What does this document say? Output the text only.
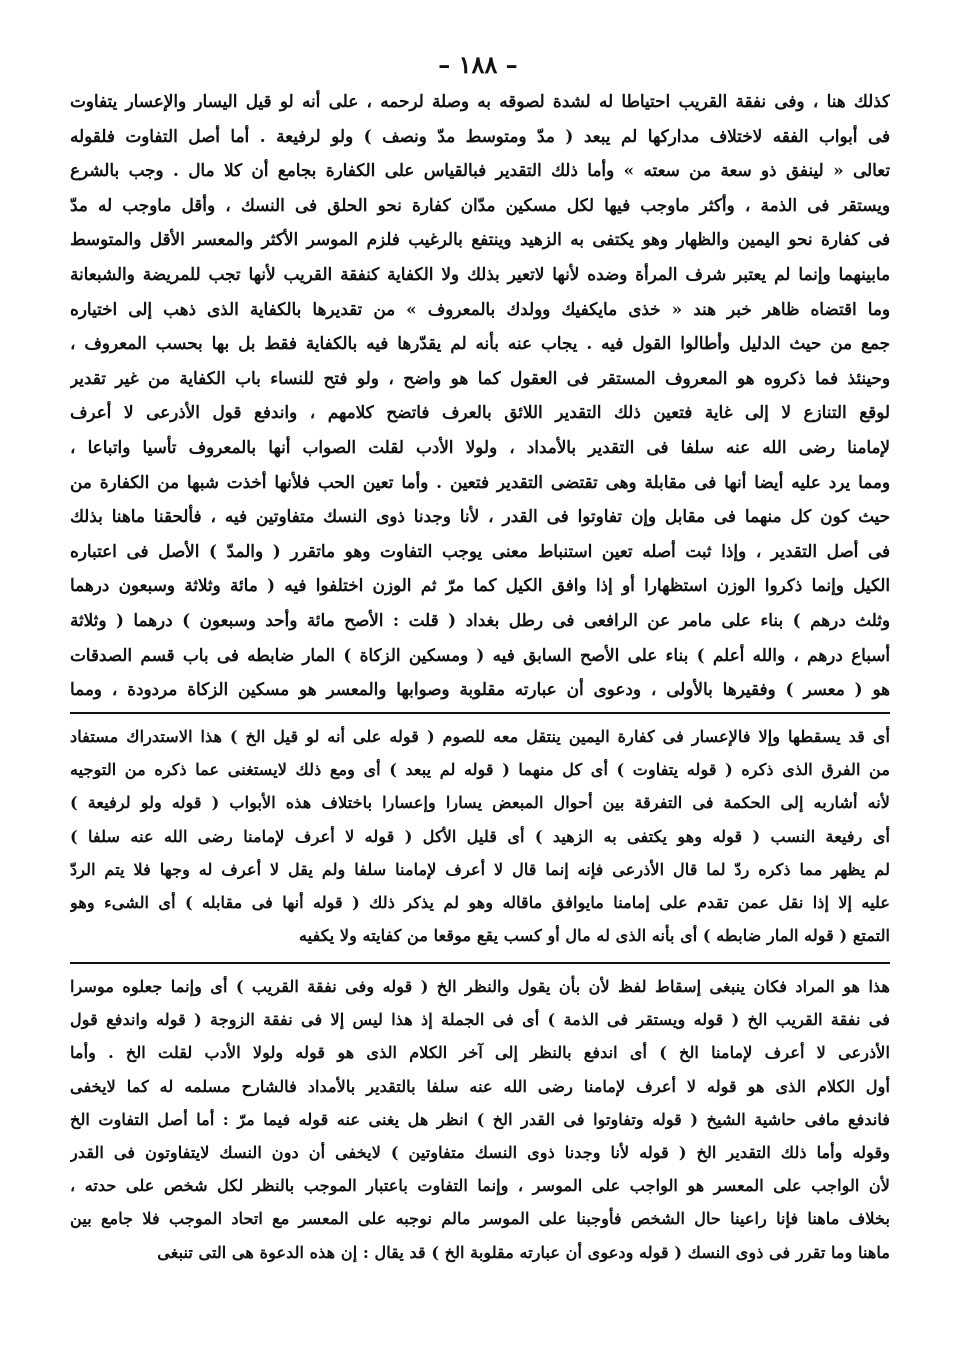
– ١٨٨ –
كذلك هنا ، وفى نفقة القريب احتياطا له لشدة لصوقه به وصلة لرحمه ، على أنه لو قيل اليسار والإعسار يتفاوت
فى أبواب الفقه لاختلاف مداركها لم يبعد ( مدّ ومتوسط مدّ ونصف ) ولو لرفيعة . أما أصل التفاوت فلقوله
تعالى « لينفق ذو سعة من سعته » وأما ذلك التقدير فبالقياس على الكفارة بجامع أن كلا مال . وجب بالشرع
ويستقر فى الذمة ، وأكثر ماوجب فيها لكل مسكين مدّان كفارة نحو الحلق فى النسك ، وأقل ماوجب له مدّ
فى كفارة نحو اليمين والظهار وهو يكتفى به الزهيد وينتفع بالرغيب فلزم الموسر الأكثر والمعسر الأقل والمتوسط
مابينهما وإنما لم يعتبر شرف المرأة وضده لأنها لاتعير بذلك ولا الكفاية كنفقة القريب لأنها تجب للمريضة والشبعانة
وما اقتضاه ظاهر خبر هند « خذى مايكفيك وولدك بالمعروف » من تقديرها بالكفاية الذى ذهب إلى اختياره
جمع من حيث الدليل وأطالوا القول فيه . يجاب عنه بأنه لم يقدّرها فيه بالكفاية فقط بل بها بحسب المعروف ،
وحينئذ فما ذكروه هو المعروف المستقر فى العقول كما هو واضح ، ولو فتح للنساء باب الكفاية من غير تقدير
لوقع التنازع لا إلى غاية فتعين ذلك التقدير اللائق بالعرف فاتضح كلامهم ، واندفع قول الأذرعى لا أعرف
لإمامنا رضى الله عنه سلفا فى التقدير بالأمداد ، ولولا الأدب لقلت الصواب أنها بالمعروف تأسيا واتباعا ،
ومما يرد عليه أيضا أنها فى مقابلة وهى تقتضى التقدير فتعين . وأما تعين الحب فلأنها أخذت شبها من الكفارة من
حيث كون كل منهما فى مقابل وإن تفاوتوا فى القدر ، لأنا وجدنا ذوى النسك متفاوتين فيه ، فألحقنا ماهنا بذلك
فى أصل التقدير ، وإذا ثبت أصله تعين استنباط معنى يوجب التفاوت وهو ماتقرر ( والمدّ ) الأصل فى اعتباره
الكيل وإنما ذكروا الوزن استظهارا أو إذا وافق الكيل كما مرّ ثم الوزن اختلفوا فيه ( مائة وثلاثة وسبعون درهما
وثلث درهم ) بناء على مامر عن الرافعى فى رطل بغداد ( قلت : الأصح مائة وأحد وسبعون ) درهما ( وثلاثة
أسباع درهم ، والله أعلم ) بناء على الأصح السابق فيه ( ومسكين الزكاة ) المار ضابطه فى باب قسم الصدقات
هو ( معسر ) وفقيرها بالأولى ، ودعوى أن عبارته مقلوبة وصوابها والمعسر هو مسكين الزكاة مردودة ، ومما
أى قد يسقطها وإلا فالإعسار فى كفارة اليمين ينتقل معه للصوم ( قوله على أنه لو قيل الخ ) هذا الاستدراك مستفاد
من الفرق الذى ذكره ( قوله يتفاوت ) أى كل منهما ( قوله لم يبعد ) أى ومع ذلك لايستغنى عما ذكره من التوجيه
لأنه أشاربه إلى الحكمة فى التفرقة بين أحوال المبعض يسارا وإعسارا باختلاف هذه الأبواب ( قوله ولو لرفيعة )
أى رفيعة النسب ( قوله وهو يكتفى به الزهيد ) أى قليل الأكل ( قوله لا أعرف لإمامنا رضى الله عنه سلفا )
لم يظهر مما ذكره ردّ لما قال الأذرعى فإنه إنما قال لا أعرف لإمامنا سلفا ولم يقل لا أعرف له وجها فلا يتم الردّ
عليه إلا إذا نقل عمن تقدم على إمامنا مايوافق ماقاله وهو لم يذكر ذلك ( قوله أنها فى مقابله ) أى الشىء وهو
التمتع ( قوله المار ضابطه ) أى بأنه الذى له مال أو كسب يقع موقعا من كفايته ولا يكفيه
هذا هو المراد فكان ينبغى إسقاط لفظ لأن بأن يقول والنظر الخ ( قوله وفى نفقة القريب ) أى وإنما جعلوه موسرا
فى نفقة القريب الخ ( قوله ويستقر فى الذمة ) أى فى الجملة إذ هذا ليس إلا فى نفقة الزوجة ( قوله واندفع قول
الأذرعى لا أعرف لإمامنا الخ ) أى اندفع بالنظر إلى آخر الكلام الذى هو قوله ولولا الأدب لقلت الخ . وأما
أول الكلام الذى هو قوله لا أعرف لإمامنا رضى الله عنه سلفا بالتقدير بالأمداد فالشارح مسلمه له كما لايخفى
فاندفع مافى حاشية الشيخ ( قوله وتفاوتوا فى القدر الخ ) انظر هل يغنى عنه قوله فيما مرّ : أما أصل التفاوت الخ
وقوله وأما ذلك التقدير الخ ( قوله لأنا وجدنا ذوى النسك متفاوتين ) لايخفى أن دون النسك لايتفاوتون فى القدر
لأن الواجب على المعسر هو الواجب على الموسر ، وإنما التفاوت باعتبار الموجب بالنظر لكل شخص على حدته ،
بخلاف ماهنا فإنا راعينا حال الشخص فأوجبنا على الموسر مالم نوجبه على المعسر مع اتحاد الموجب فلا جامع بين
ماهنا وما تقرر فى ذوى النسك ( قوله ودعوى أن عبارته مقلوبة الخ ) قد يقال : إن هذه الدعوة هى التى تنبغى
